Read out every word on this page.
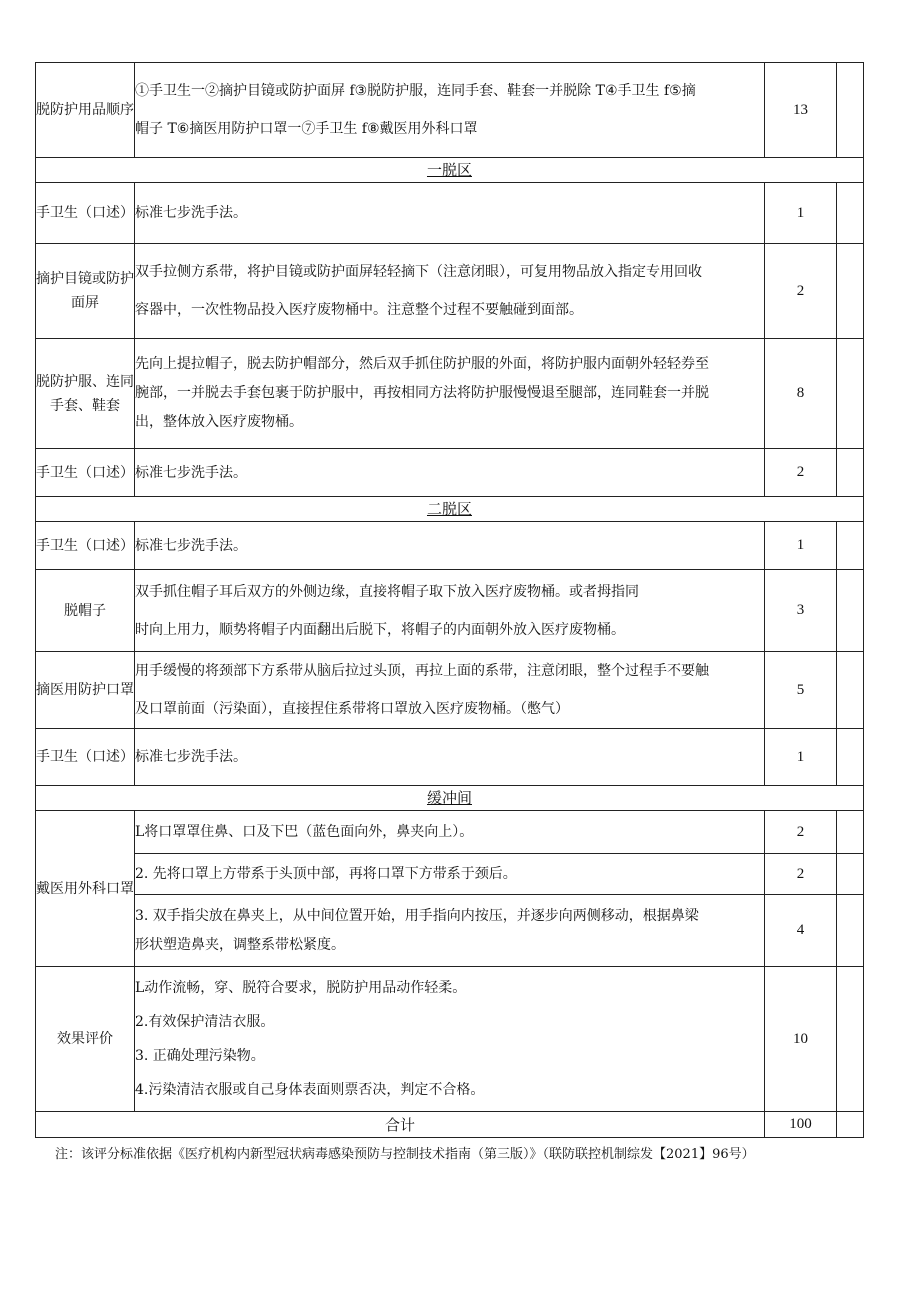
脱防护用品顺序	①手卫生一②摘护目镜或防护面屏 f③脱防护服，连同手套、鞋套一并脱除 T④手卫生 f⑤摘
帽子 T⑥摘医用防护口罩一⑦手卫生 f⑧戴医用外科口罩	13	
一脱区			
手卫生（口述）	标准七步洗手法。	1	
摘护目镜或防护面屏	双手拉侧方系带，将护目镜或防护面屏轻轻摘下（注意闭眼），可复用物品放入指定专用回收
容器中，一次性物品投入医疗废物桶中。注意整个过程不要触碰到面部。	2	
脱防护服、连同手套、鞋套	先向上提拉帽子，脱去防护帽部分，然后双手抓住防护服的外面，将防护服内面朝外轻轻券至
腕部，一并脱去手套包裹于防护服中，再按相同方法将防护服慢慢退至腿部，连同鞋套一并脱
出，整体放入医疗废物桶。	8	
手卫生（口述）	标准七步洗手法。	2	
二脱区			
手卫生（口述）	标准七步洗手法。	1	
脱帽子	双手抓住帽子耳后双方的外侧边缘，直接将帽子取下放入医疗废物桶。或者拇指同
时向上用力，顺势将帽子内面翻出后脱下，将帽子的内面朝外放入医疗废物桶。	3	
摘医用防护口罩	用手缓慢的将颈部下方系带从脑后拉过头顶，再拉上面的系带，注意闭眼，整个过程手不要触
及口罩前面（污染面），直接捏住系带将口罩放入医疗废物桶。（憋气）	5	
手卫生（口述）	标准七步洗手法。	1	
缓冲间			
戴医用外科口罩	L将口罩罩住鼻、口及下巴（蓝色面向外，鼻夹向上）。	2	

	2. 先将口罩上方带系于头顶中部，再将口罩下方带系于颈后。	2	

	3. 双手指尖放在鼻夹上，从中间位置开始，用手指向内按压，并逐步向两侧移动，根据鼻梁
形状塑造鼻夹，调整系带松紧度。	4	
效果评价	L动作流畅，穿、脱符合要求，脱防护用品动作轻柔。
2.有效保护清洁衣服。
3. 正确处理污染物。
4.污染清洁衣服或自己身体表面则票否决，判定不合格。	10	
合计		100	
注：该评分标准依据《医疗机构内新型冠状病毒感染预防与控制技术指南（第三版）》（联防联控机制综发【2021】96号）
